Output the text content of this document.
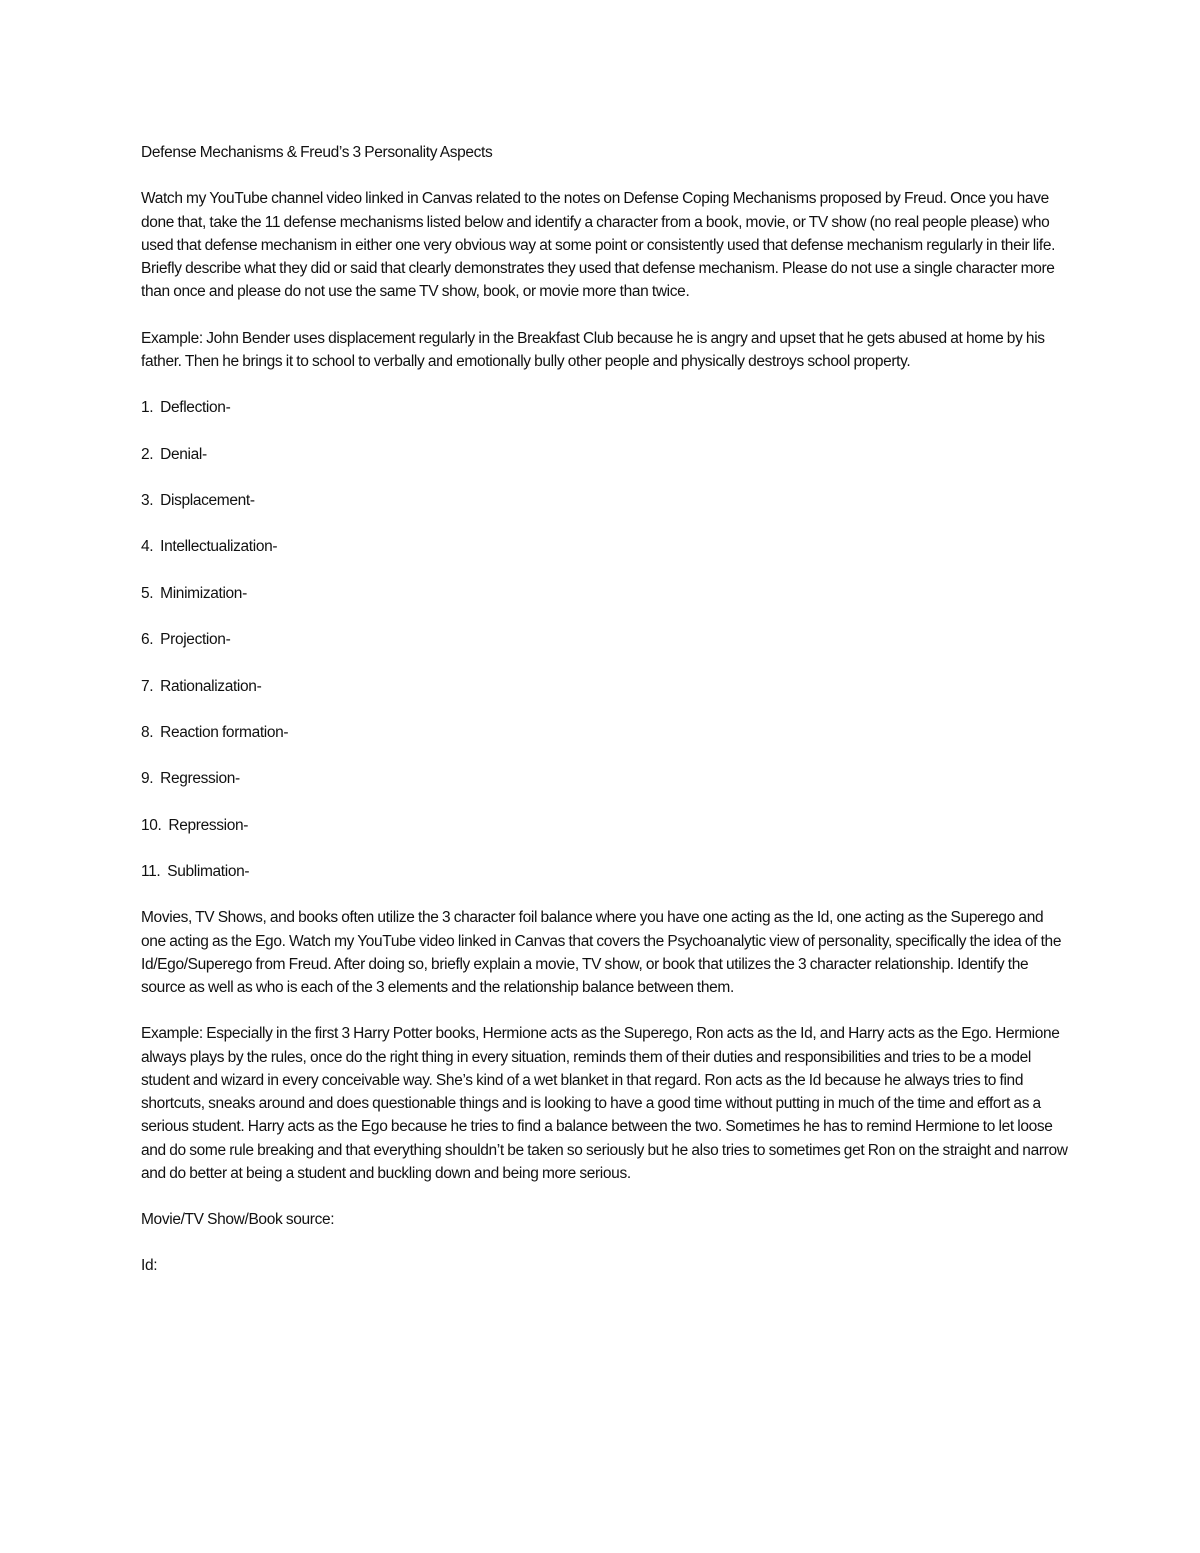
Defense Mechanisms & Freud’s 3 Personality Aspects

Watch my YouTube channel video linked in Canvas related to the notes on Defense Coping Mechanisms proposed by Freud. Once you have done that, take the 11 defense mechanisms listed below and identify a character from a book, movie, or TV show (no real people please) who used that defense mechanism in either one very obvious way at some point or consistently used that defense mechanism regularly in their life. Briefly describe what they did or said that clearly demonstrates they used that defense mechanism. Please do not use a single character more than once and please do not use the same TV show, book, or movie more than twice.

Example: John Bender uses displacement regularly in the Breakfast Club because he is angry and upset that he gets abused at home by his father. Then he brings it to school to verbally and emotionally bully other people and physically destroys school property.

1.  Deflection-
2.  Denial-
3.  Displacement-
4.  Intellectualization-
5.  Minimization-
6.  Projection-
7.  Rationalization-
8.  Reaction formation-
9.  Regression-
10.  Repression-
11.  Sublimation-

Movies, TV Shows, and books often utilize the 3 character foil balance where you have one acting as the Id, one acting as the Superego and one acting as the Ego. Watch my YouTube video linked in Canvas that covers the Psychoanalytic view of personality, specifically the idea of the Id/Ego/Superego from Freud. After doing so, briefly explain a movie, TV show, or book that utilizes the 3 character relationship. Identify the source as well as who is each of the 3 elements and the relationship balance between them.

Example: Especially in the first 3 Harry Potter books, Hermione acts as the Superego, Ron acts as the Id, and Harry acts as the Ego. Hermione always plays by the rules, once do the right thing in every situation, reminds them of their duties and responsibilities and tries to be a model student and wizard in every conceivable way. She’s kind of a wet blanket in that regard. Ron acts as the Id because he always tries to find shortcuts, sneaks around and does questionable things and is looking to have a good time without putting in much of the time and effort as a serious student. Harry acts as the Ego because he tries to find a balance between the two. Sometimes he has to remind Hermione to let loose and do some rule breaking and that everything shouldn’t be taken so seriously but he also tries to sometimes get Ron on the straight and narrow and do better at being a student and buckling down and being more serious.

Movie/TV Show/Book source:

Id:
